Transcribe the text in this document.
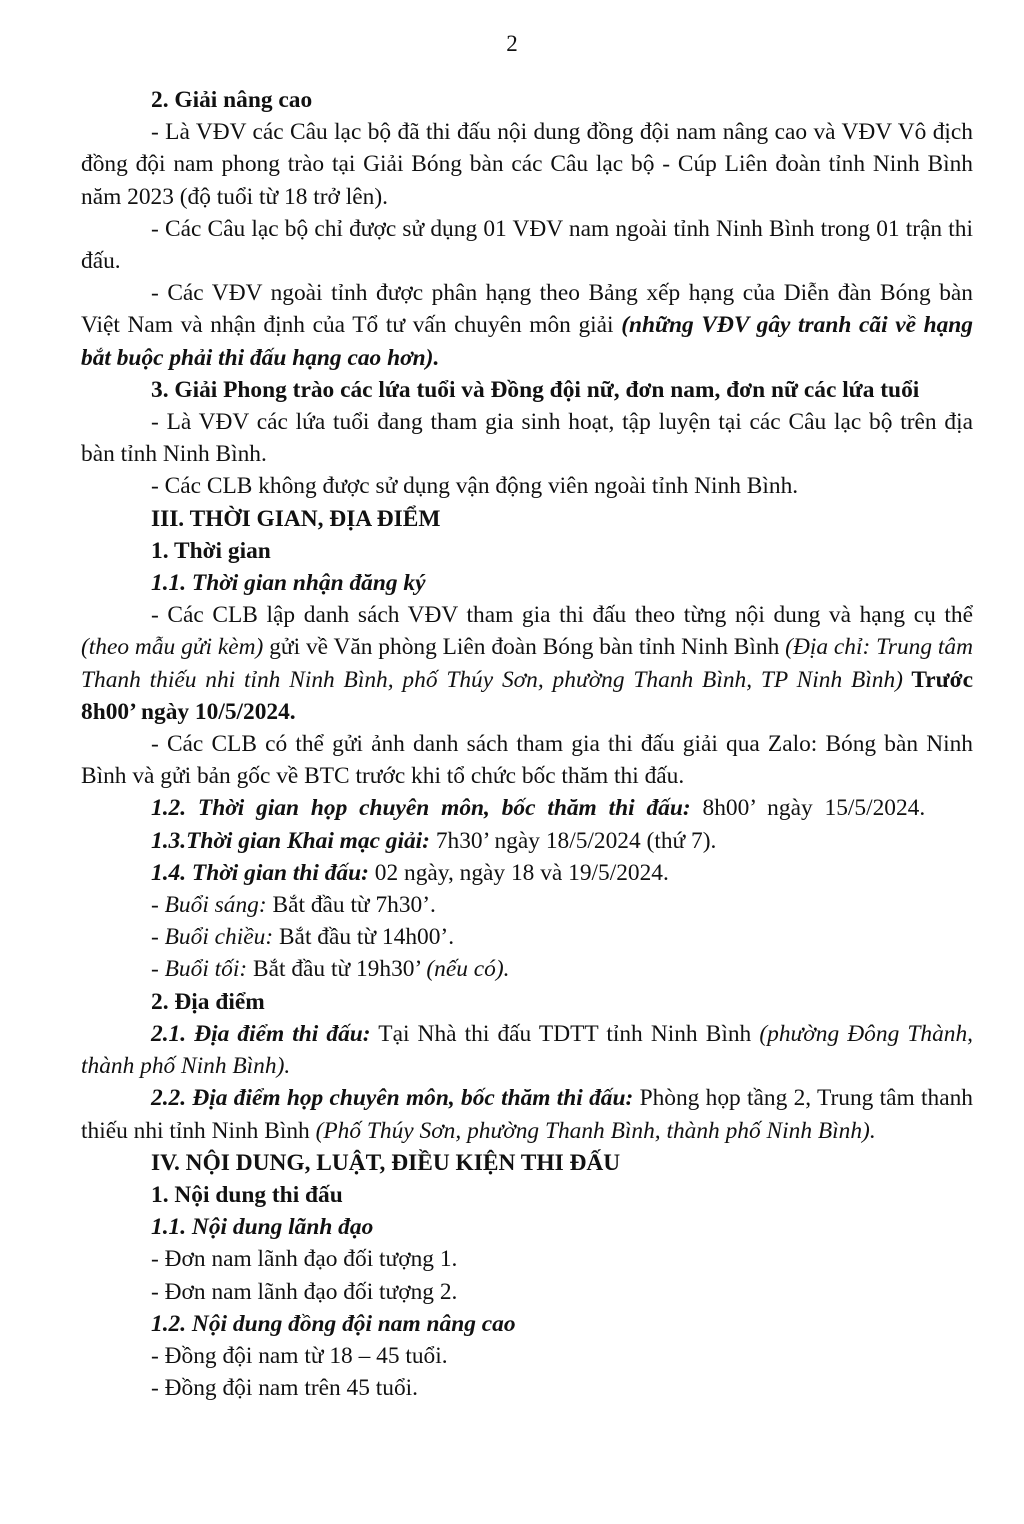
2

2. Giải nâng cao

- Là VĐV các Câu lạc bộ đã thi đấu nội dung đồng đội nam nâng cao và VĐV Vô địch đồng đội nam phong trào tại Giải Bóng bàn các Câu lạc bộ - Cúp Liên đoàn tỉnh Ninh Bình năm 2023 (độ tuổi từ 18 trở lên).

- Các Câu lạc bộ chỉ được sử dụng 01 VĐV nam ngoài tỉnh Ninh Bình trong 01 trận thi đấu.

- Các VĐV ngoài tỉnh được phân hạng theo Bảng xếp hạng của Diễn đàn Bóng bàn Việt Nam và nhận định của Tổ tư vấn chuyên môn giải (những VĐV gây tranh cãi về hạng bắt buộc phải thi đấu hạng cao hơn).

3. Giải Phong trào các lứa tuổi và Đồng đội nữ, đơn nam, đơn nữ các lứa tuổi

- Là VĐV các lứa tuổi đang tham gia sinh hoạt, tập luyện tại các Câu lạc bộ trên địa bàn tỉnh Ninh Bình.

- Các CLB không được sử dụng vận động viên ngoài tỉnh Ninh Bình.

III. THỜI GIAN, ĐỊA ĐIỂM

1. Thời gian

1.1. Thời gian nhận đăng ký

- Các CLB lập danh sách VĐV tham gia thi đấu theo từng nội dung và hạng cụ thể (theo mẫu gửi kèm) gửi về Văn phòng Liên đoàn Bóng bàn tỉnh Ninh Bình (Địa chỉ: Trung tâm Thanh thiếu nhi tỉnh Ninh Bình, phố Thúy Sơn, phường Thanh Bình, TP Ninh Bình) Trước 8h00’ ngày 10/5/2024.

- Các CLB có thể gửi ảnh danh sách tham gia thi đấu giải qua Zalo: Bóng bàn Ninh Bình và gửi bản gốc về BTC trước khi tổ chức bốc thăm thi đấu.

1.2. Thời gian họp chuyên môn, bốc thăm thi đấu: 8h00’ ngày 15/5/2024.

1.3.Thời gian Khai mạc giải: 7h30’ ngày 18/5/2024 (thứ 7).

1.4. Thời gian thi đấu: 02 ngày, ngày 18 và 19/5/2024.

- Buổi sáng: Bắt đầu từ 7h30’.

- Buổi chiều: Bắt đầu từ 14h00’.

- Buổi tối: Bắt đầu từ 19h30’ (nếu có).

2. Địa điểm

2.1. Địa điểm thi đấu: Tại Nhà thi đấu TDTT tỉnh Ninh Bình (phường Đông Thành, thành phố Ninh Bình).

2.2. Địa điểm họp chuyên môn, bốc thăm thi đấu: Phòng họp tầng 2, Trung tâm thanh thiếu nhi tỉnh Ninh Bình (Phố Thúy Sơn, phường Thanh Bình, thành phố Ninh Bình).

IV. NỘI DUNG, LUẬT, ĐIỀU KIỆN THI ĐẤU

1. Nội dung thi đấu

1.1. Nội dung lãnh đạo

- Đơn nam lãnh đạo đối tượng 1.

- Đơn nam lãnh đạo đối tượng 2.

1.2. Nội dung đồng đội nam nâng cao

- Đồng đội nam từ 18 – 45 tuổi.

- Đồng đội nam trên 45 tuổi.
